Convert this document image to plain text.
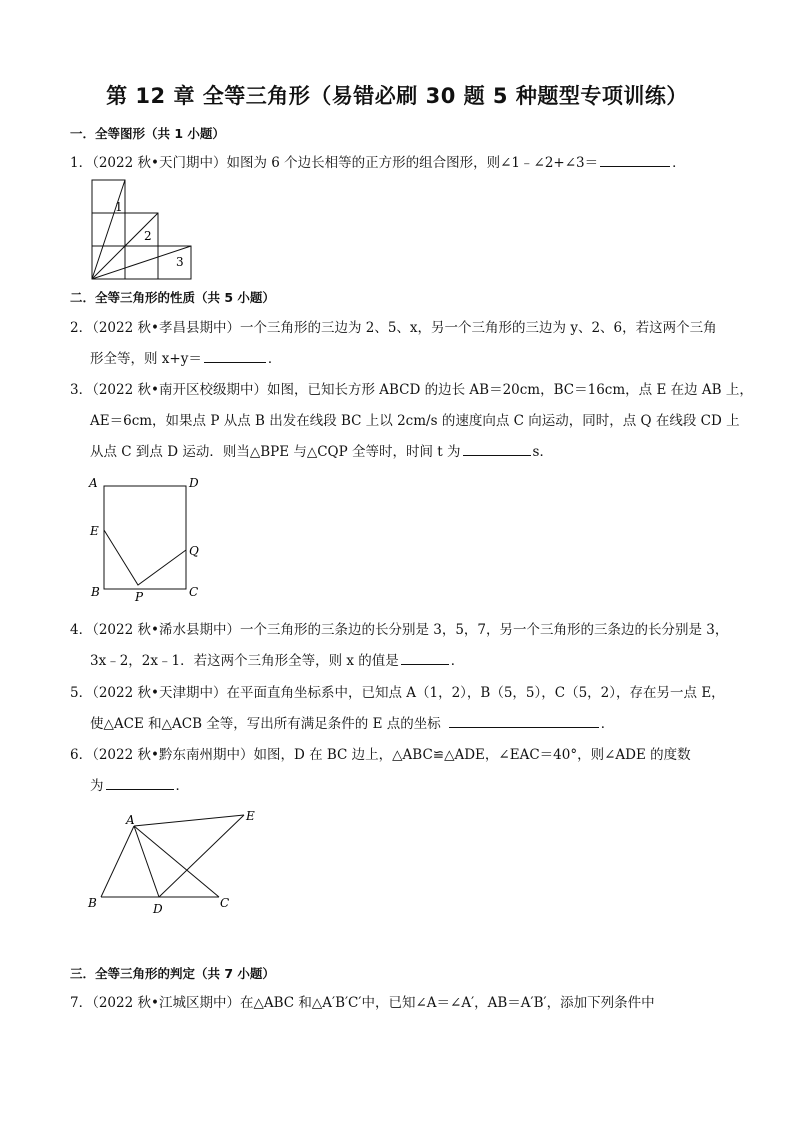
第 12 章 全等三角形（易错必刷 30 题 5 种题型专项训练）
一．全等图形（共 1 小题）
1．（2022 秋•天门期中）如图为 6 个边长相等的正方形的组合图形，则∠1﹣∠2+∠3＝	．
1
2
3
二．全等三角形的性质（共 5 小题）
2．（2022 秋•孝昌县期中）一个三角形的三边为 2、5、x，另一个三角形的三边为 y、2、6，若这两个三角
形全等，则 x+y＝	．
3．（2022 秋•南开区校级期中）如图，已知长方形 ABCD 的边长 AB＝20cm，BC＝16cm，点 E 在边 AB 上，
AE＝6cm，如果点 P 从点 B 出发在线段 BC 上以 2cm/s 的速度向点 C 向运动，同时，点 Q 在线段 CD 上
从点 C 到点 D 运动．则当△BPE 与△CQP 全等时，时间 t 为	s．
A	D
E
Q
B	P	C
4．（2022 秋•浠水县期中）一个三角形的三条边的长分别是 3，5，7，另一个三角形的三条边的长分别是 3，
3x﹣2，2x﹣1．若这两个三角形全等，则 x 的值是	．
5．（2022 秋•天津期中）在平面直角坐标系中，已知点 A（1，2），B（5，5），C（5，2），存在另一点 E，
使△ACE 和△ACB 全等，写出所有满足条件的 E 点的坐标	．
6．（2022 秋•黔东南州期中）如图，D 在 BC 边上，△ABC≌△ADE，∠EAC＝40°，则∠ADE 的度数
为	．
A	E
B	D	C
三．全等三角形的判定（共 7 小题）
7．（2022 秋•江城区期中）在△ABC 和△A′B′C′中，已知∠A＝∠A′，AB＝A′B′，添加下列条件中
